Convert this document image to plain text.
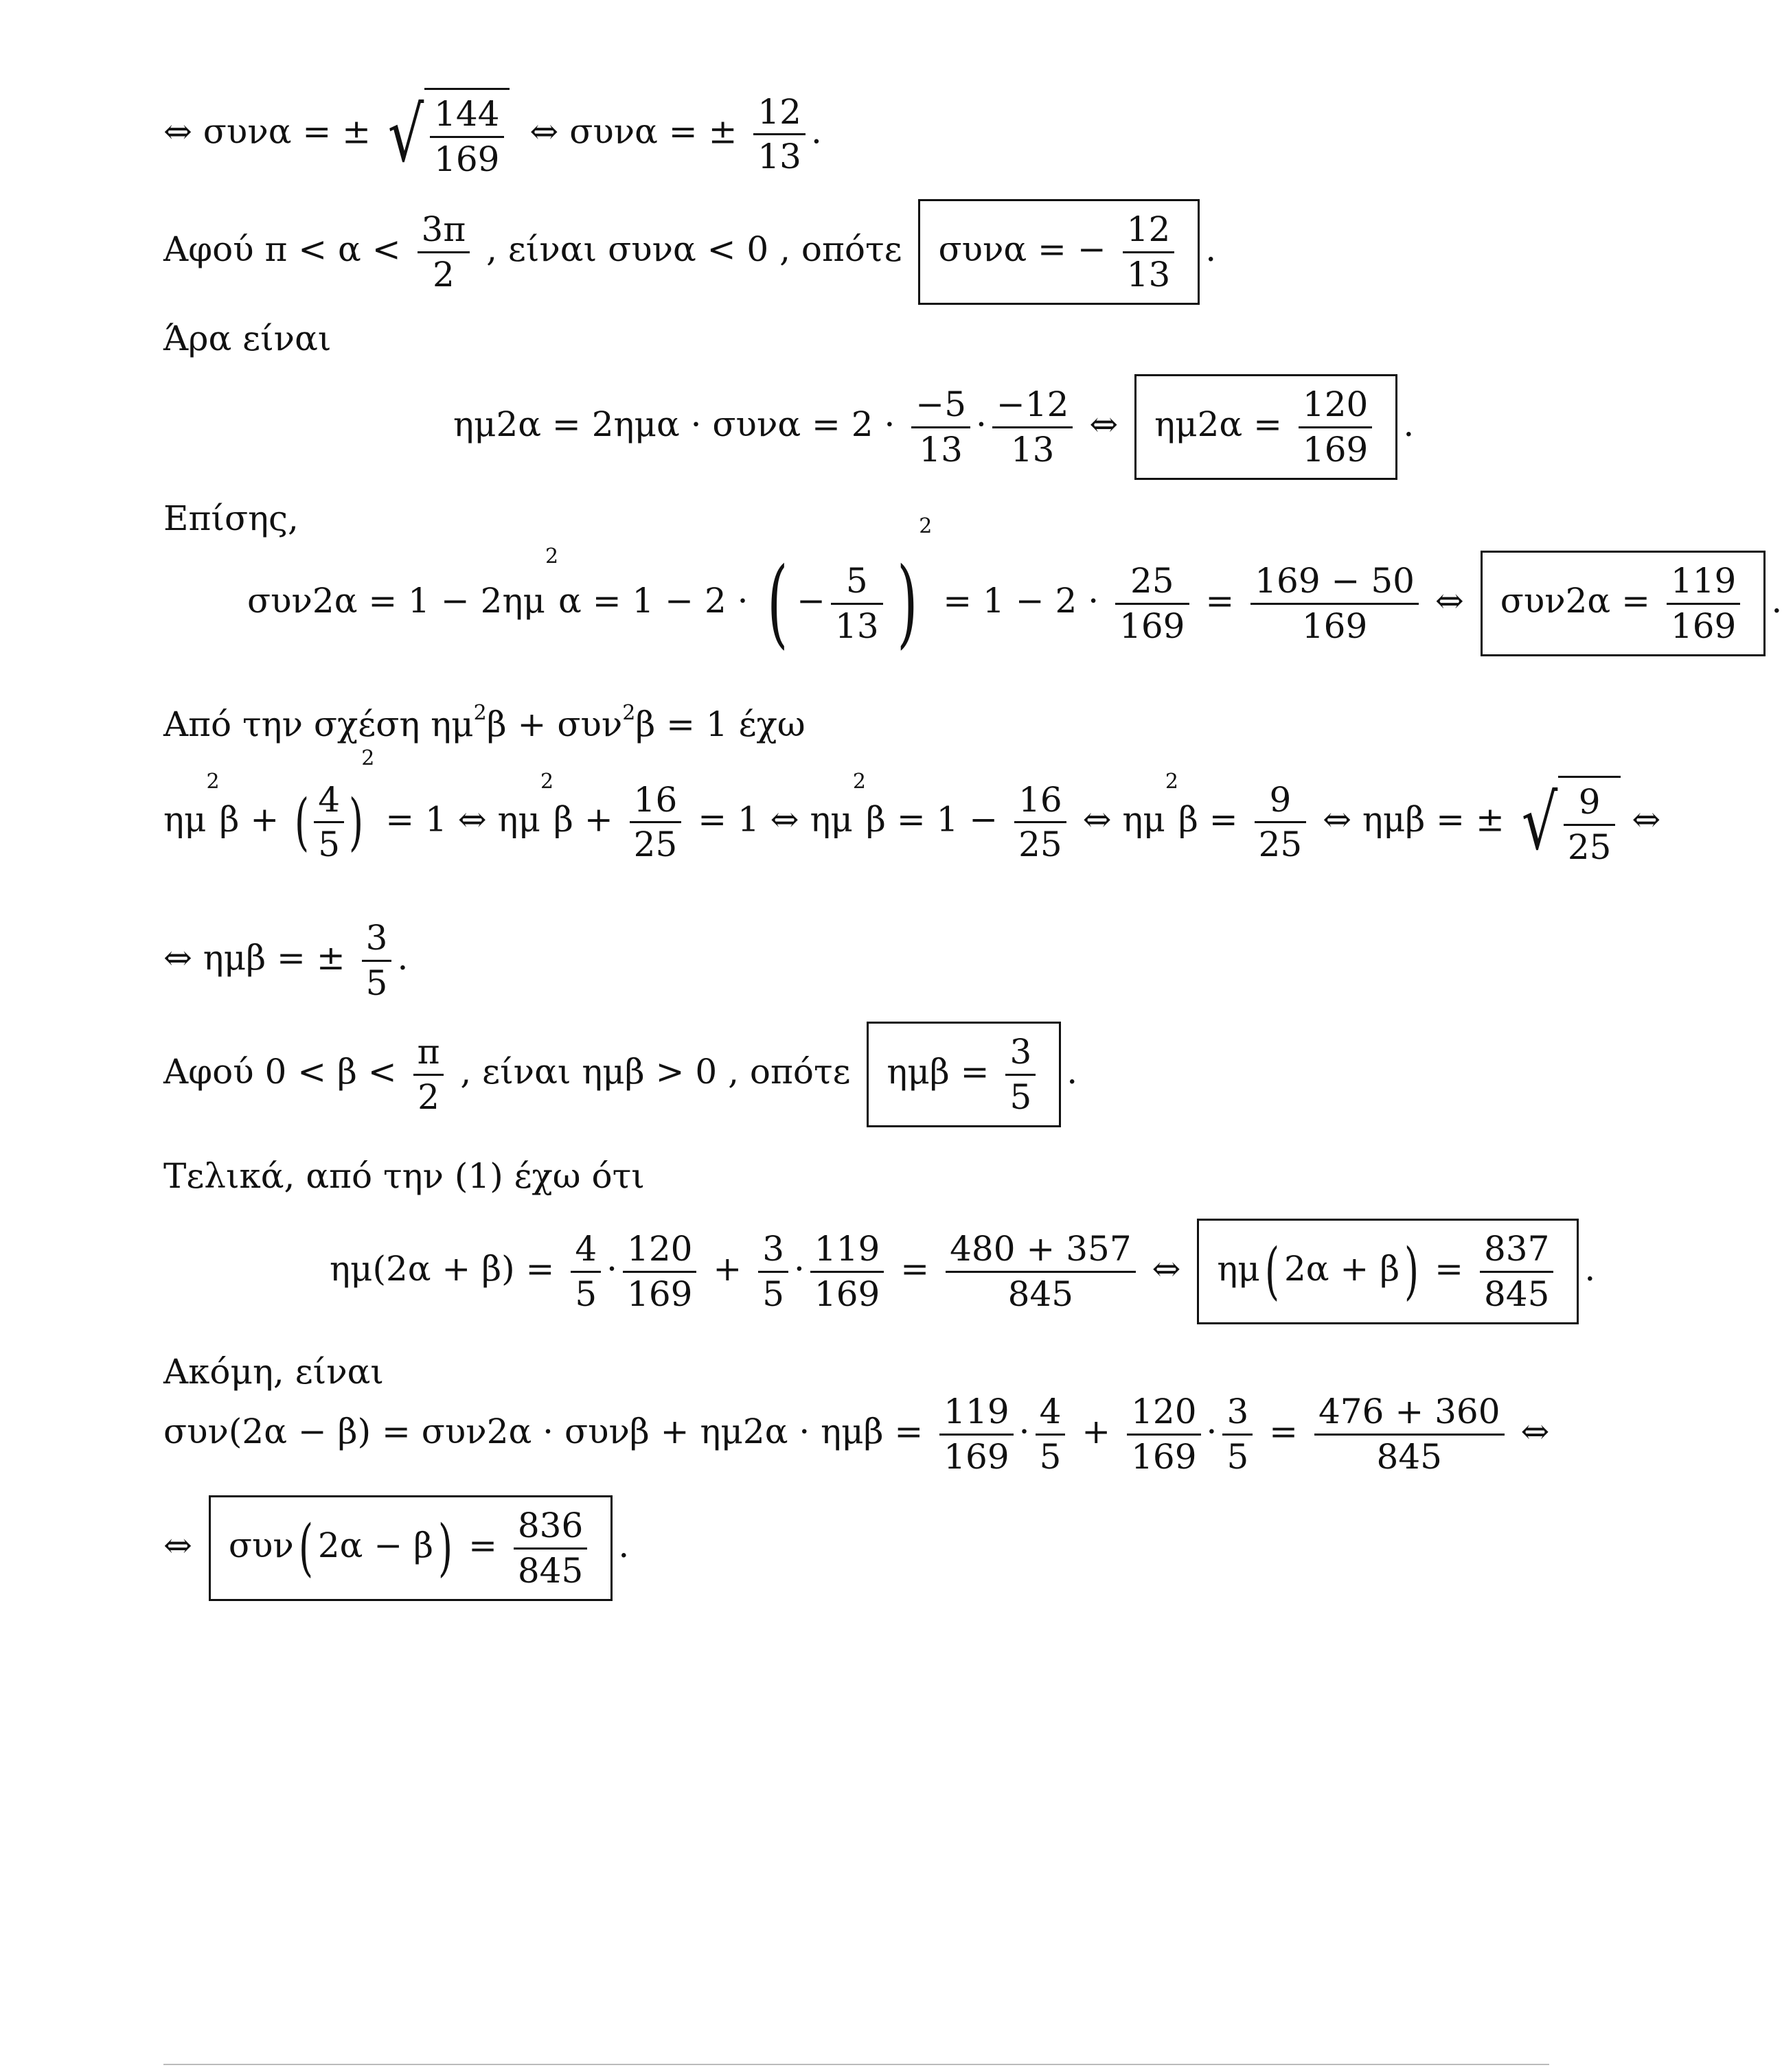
⇔ συνα = ± √ $\frac{144}{169}$ ⇔ συνα = ± $\frac{12}{13}$ .
Αφού $\pi < \alpha < \frac{3\pi}{2}$ , είναι συνα < 0 , οπότε συνα = − $\frac{12}{13}$ .
Άρα είναι
$\eta\mu 2\alpha = 2\eta\mu\alpha \cdot \sigma\upsilon\nu\alpha = 2 \cdot \frac{-5}{13} \cdot \frac{-12}{13}$ ⇔ $\eta\mu 2\alpha = \frac{120}{169}$ .
Επίσης,
$\sigma\upsilon\nu 2\alpha = 1 - 2\eta\mu^2\alpha = 1 - 2$ · ( − $\frac{5}{13} )^2 = 1 - 2 \cdot \frac{25}{169} = \frac{169 - 50}{169}$ ⇔ $\sigma\upsilon\nu 2\alpha = \frac{119}{169}$ .
Από την σχέση $\eta\mu^2\beta + \sigma\upsilon\nu^2\beta = 1$ έχω
$\eta\mu^2\beta$ + ( $\frac{4}{5} )^2 = 1$ ⇔ $\eta\mu^2\beta + \frac{16}{25} = 1$ ⇔ $\eta\mu^2\beta = 1 - \frac{16}{25}$ ⇔ $\eta\mu^2\beta = \frac{9}{25}$ ⇔ ημβ = ± √ $\frac{9}{25}$ ⇔
⇔ ημβ = ± $\frac{3}{5}$ .
Αφού $0 < \beta < \frac{\pi}{2}$ , είναι ημβ > 0 , οπότε $\eta\mu\beta = \frac{3}{5}$ .
Τελικά, από την (1) έχω ότι
$\eta\mu(2\alpha + \beta) = \frac{4}{5} \cdot \frac{120}{169} + \frac{3}{5} \cdot \frac{119}{169} = \frac{480 + 357}{845}$ ⇔ ημ( $2\alpha + \beta) = \frac{837}{845}$ .
Ακόμη, είναι
$\sigma\upsilon\nu(2\alpha - \beta) = \sigma\upsilon\nu 2\alpha \cdot \sigma\upsilon\nu\beta + \eta\mu 2\alpha \cdot \eta\mu\beta = \frac{119}{169} \cdot \frac{4}{5} + \frac{120}{169} \cdot \frac{3}{5} = \frac{476 + 360}{845}$ ⇔
⇔ συν( $2\alpha - \beta) = \frac{836}{845}$ .
